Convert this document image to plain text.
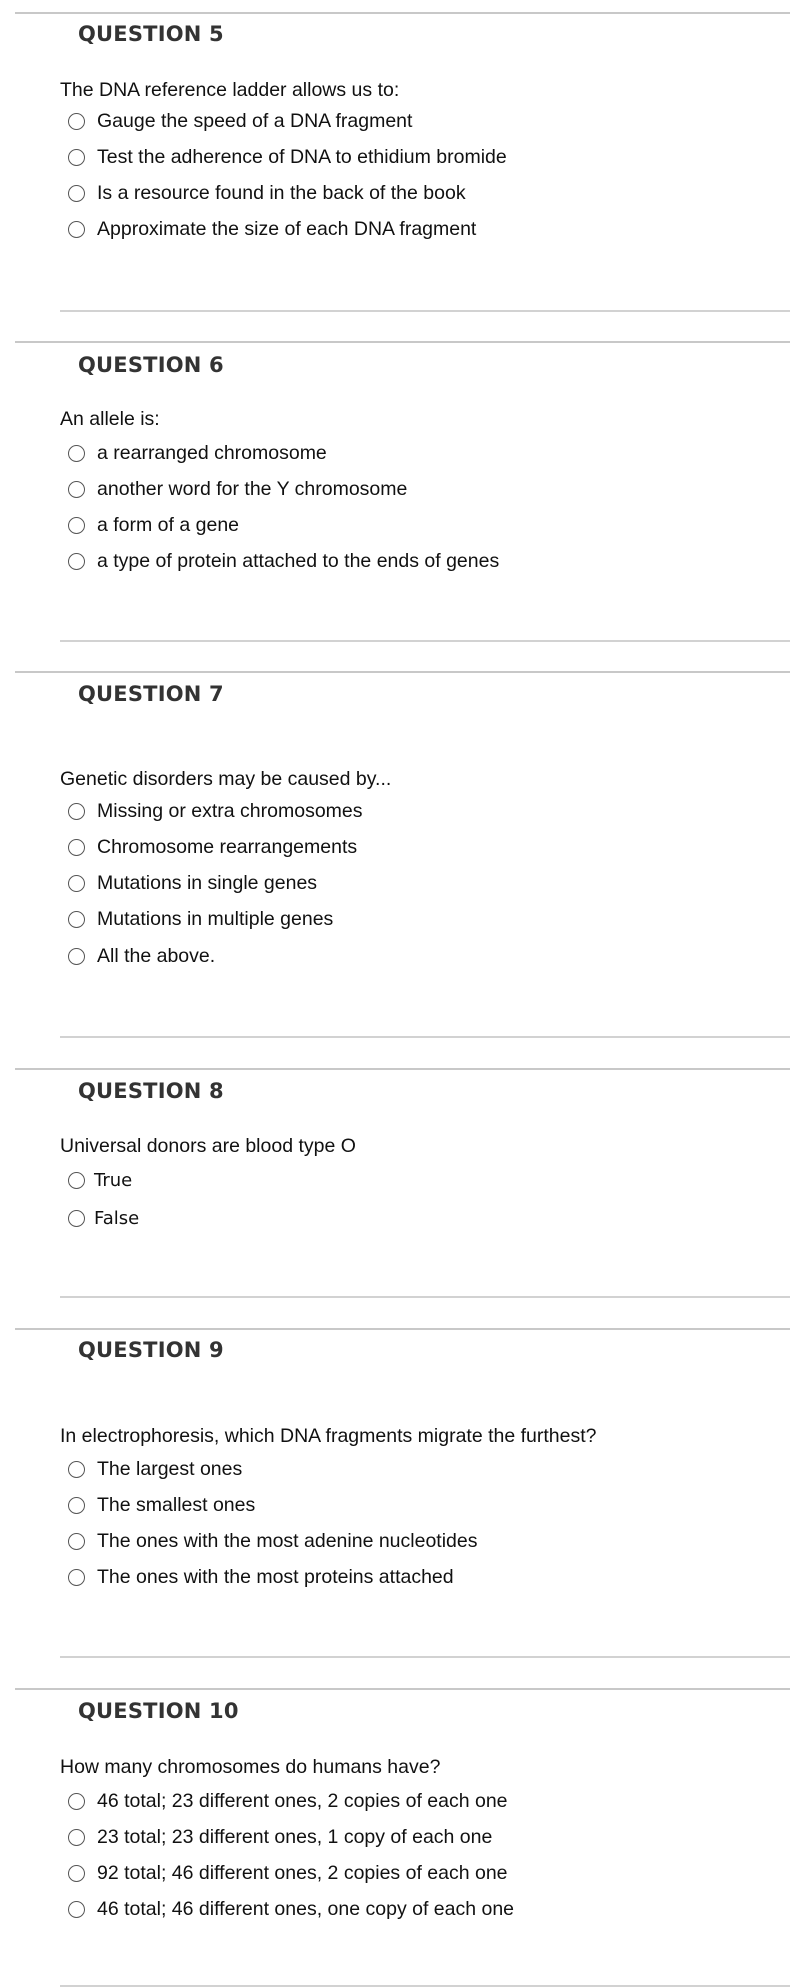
QUESTION 5
The DNA reference ladder allows us to:
Gauge the speed of a DNA fragment
Test the adherence of DNA to ethidium bromide
Is a resource found in the back of the book
Approximate the size of each DNA fragment
QUESTION 6
An allele is:
a rearranged chromosome
another word for the Y chromosome
a form of a gene
a type of protein attached to the ends of genes
QUESTION 7
Genetic disorders may be caused by...
Missing or extra chromosomes
Chromosome rearrangements
Mutations in single genes
Mutations in multiple genes
All the above.
QUESTION 8
Universal donors are blood type O
True
False
QUESTION 9
In electrophoresis, which DNA fragments migrate the furthest?
The largest ones
The smallest ones
The ones with the most adenine nucleotides
The ones with the most proteins attached
QUESTION 10
How many chromosomes do humans have?
46 total; 23 different ones, 2 copies of each one
23 total; 23 different ones, 1 copy of each one
92 total; 46 different ones, 2 copies of each one
46 total; 46 different ones, one copy of each one
